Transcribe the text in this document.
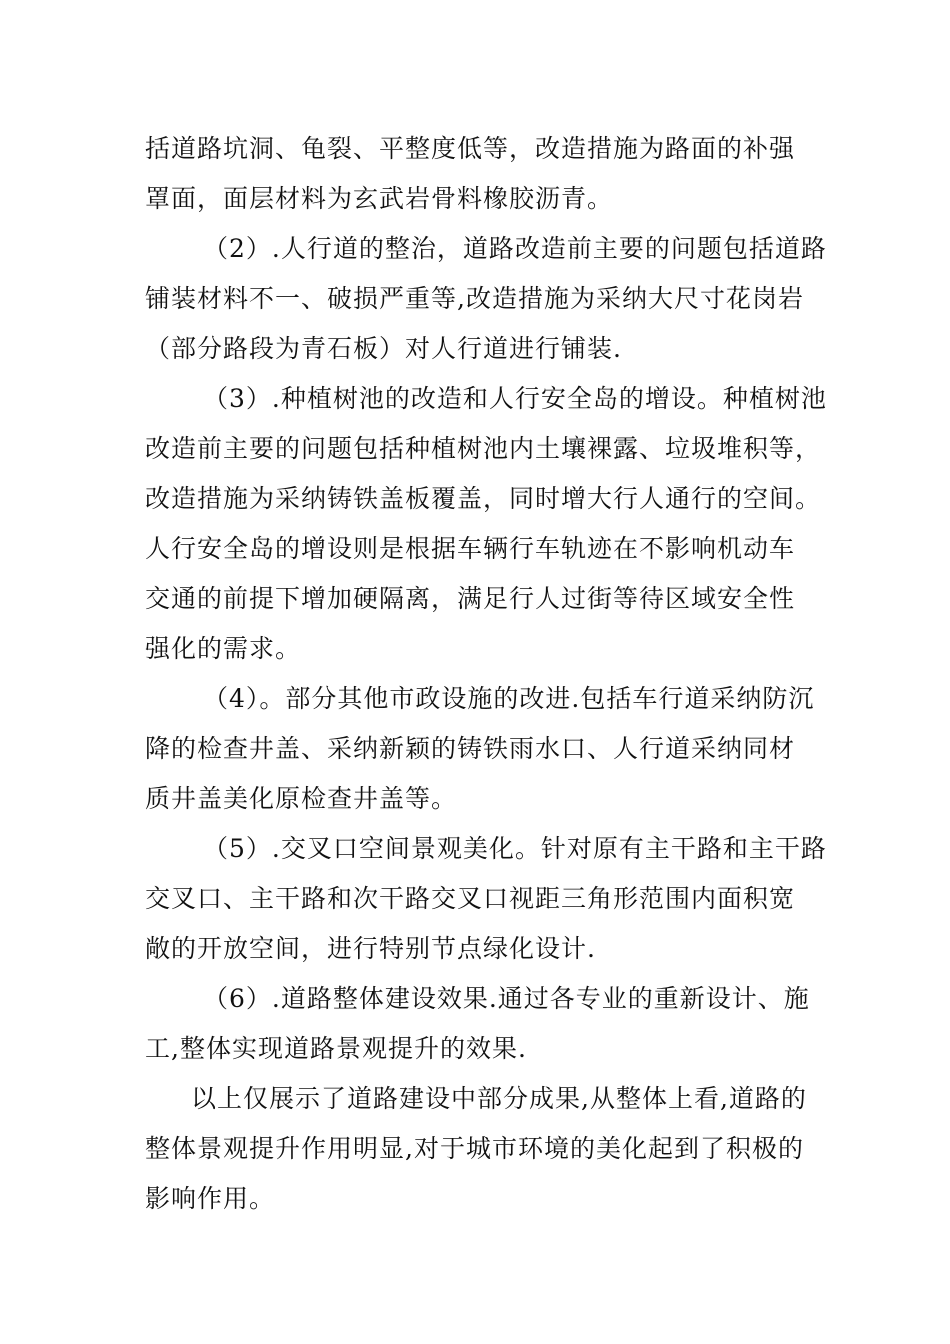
括道路坑洞、龟裂、平整度低等，改造措施为路面的补强
罩面，面层材料为玄武岩骨料橡胶沥青。
（2）.人行道的整治，道路改造前主要的问题包括道路
铺装材料不一、破损严重等,改造措施为采纳大尺寸花岗岩
（部分路段为青石板）对人行道进行铺装.
（3）.种植树池的改造和人行安全岛的增设。种植树池
改造前主要的问题包括种植树池内土壤裸露、垃圾堆积等，
改造措施为采纳铸铁盖板覆盖，同时增大行人通行的空间。
人行安全岛的增设则是根据车辆行车轨迹在不影响机动车
交通的前提下增加硬隔离，满足行人过街等待区域安全性
强化的需求。
（4）。部分其他市政设施的改进.包括车行道采纳防沉
降的检查井盖、采纳新颖的铸铁雨水口、人行道采纳同材
质井盖美化原检查井盖等。
（5）.交叉口空间景观美化。针对原有主干路和主干路
交叉口、主干路和次干路交叉口视距三角形范围内面积宽
敞的开放空间，进行特别节点绿化设计.
（6）.道路整体建设效果.通过各专业的重新设计、施
工,整体实现道路景观提升的效果.
以上仅展示了道路建设中部分成果,从整体上看,道路的
整体景观提升作用明显,对于城市环境的美化起到了积极的
影响作用。
